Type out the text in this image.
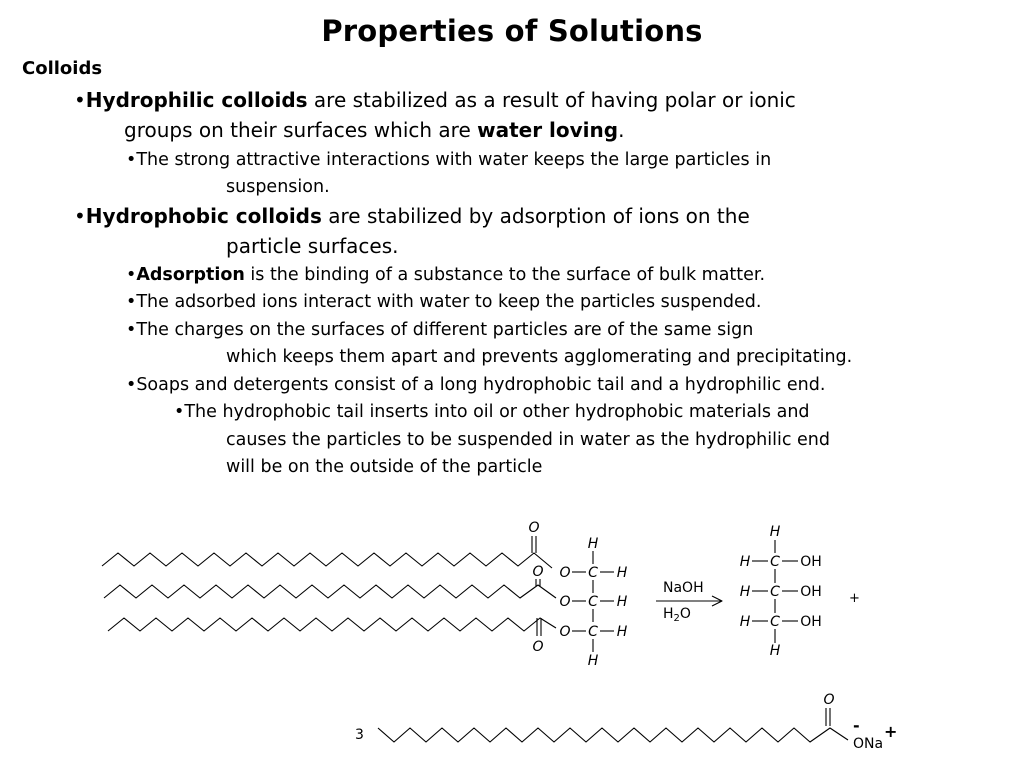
Properties of Solutions
Colloids
•Hydrophilic colloids are stabilized as a result of having polar or ionic
groups on their surfaces which are water loving.
•The strong attractive interactions with water keeps the large particles in
suspension.
•Hydrophobic colloids are stabilized by adsorption of ions on the
particle surfaces.
•Adsorption is the binding of a substance to the surface of bulk matter.
•The adsorbed ions interact with water to keep the particles suspended.
•The charges on the surfaces of different particles are of the same sign
which keeps them apart and prevents agglomerating and precipitating.
•Soaps and detergents consist of a long hydrophobic tail and a hydrophilic end.
•The hydrophobic tail inserts into oil or other hydrophobic materials and
causes the particles to be suspended in water as the hydrophilic end
will be on the outside of the particle
O
O
O
O
O
O
C
C
C
H
H
H
H
H
H
H
H
H
C
C
C
H
OH
OH
OH
O
ONa
NaOH
$H_2O$
+
3	- +
